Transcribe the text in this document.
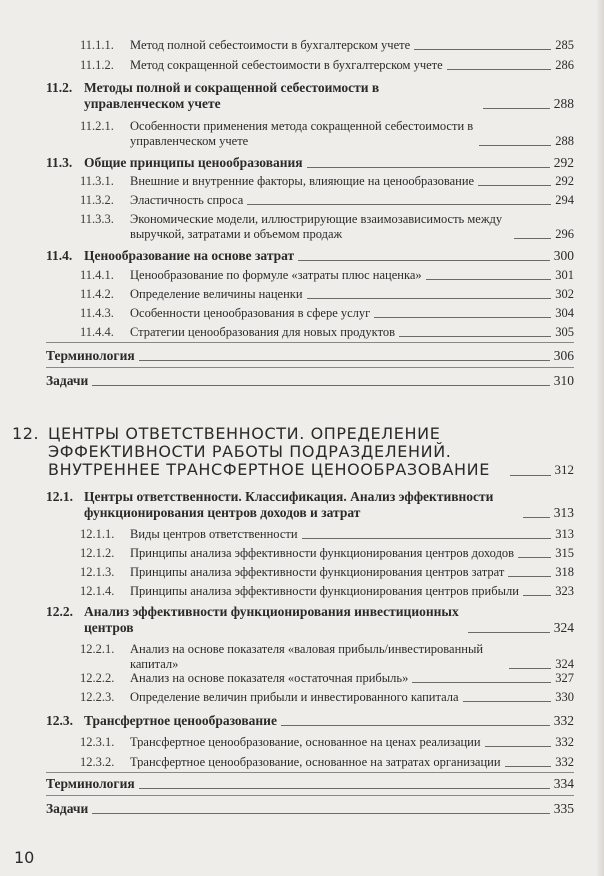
11.1.1.	Метод полной себестоимости в бухгалтерском учете	285
11.1.2.	Метод сокращенной себестоимости в бухгалтерском учете	286
11.2. Методы полной и сокращенной себестоимости в управленческом учете	288
11.2.1.	Особенности применения метода сокращенной себестоимости в управленческом учете	288
11.3. Общие принципы ценообразования	292
11.3.1.	Внешние и внутренние факторы, влияющие на ценообразование	292
11.3.2.	Эластичность спроса	294
11.3.3.	Экономические модели, иллюстрирующие взаимозависимость между выручкой, затратами и объемом продаж	296
11.4. Ценообразование на основе затрат	300
11.4.1.	Ценообразование по формуле «затраты плюс наценка»	301
11.4.2.	Определение величины наценки	302
11.4.3.	Особенности ценообразования в сфере услуг	304
11.4.4.	Стратегии ценообразования для новых продуктов	305
Терминология	306
Задачи	310
12. ЦЕНТРЫ ОТВЕТСТВЕННОСТИ. ОПРЕДЕЛЕНИЕ ЭФФЕКТИВНОСТИ РАБОТЫ ПОДРАЗДЕЛЕНИЙ. ВНУТРЕННЕЕ ТРАНСФЕРТНОЕ ЦЕНООБРАЗОВАНИЕ	312
12.1. Центры ответственности. Классификация. Анализ эффективности функционирования центров доходов и затрат	313
12.1.1.	Виды центров ответственности	313
12.1.2.	Принципы анализа эффективности функционирования центров доходов	315
12.1.3.	Принципы анализа эффективности функционирования центров затрат	318
12.1.4.	Принципы анализа эффективности функционирования центров прибыли	323
12.2. Анализ эффективности функционирования инвестиционных центров	324
12.2.1.	Анализ на основе показателя «валовая прибыль/инвестированный капитал»	324
12.2.2.	Анализ на основе показателя «остаточная прибыль»	327
12.2.3.	Определение величин прибыли и инвестированного капитала	330
12.3. Трансфертное ценообразование	332
12.3.1.	Трансфертное ценообразование, основанное на ценах реализации	332
12.3.2.	Трансфертное ценообразование, основанное на затратах организации	332
Терминология	334
Задачи	335
10
